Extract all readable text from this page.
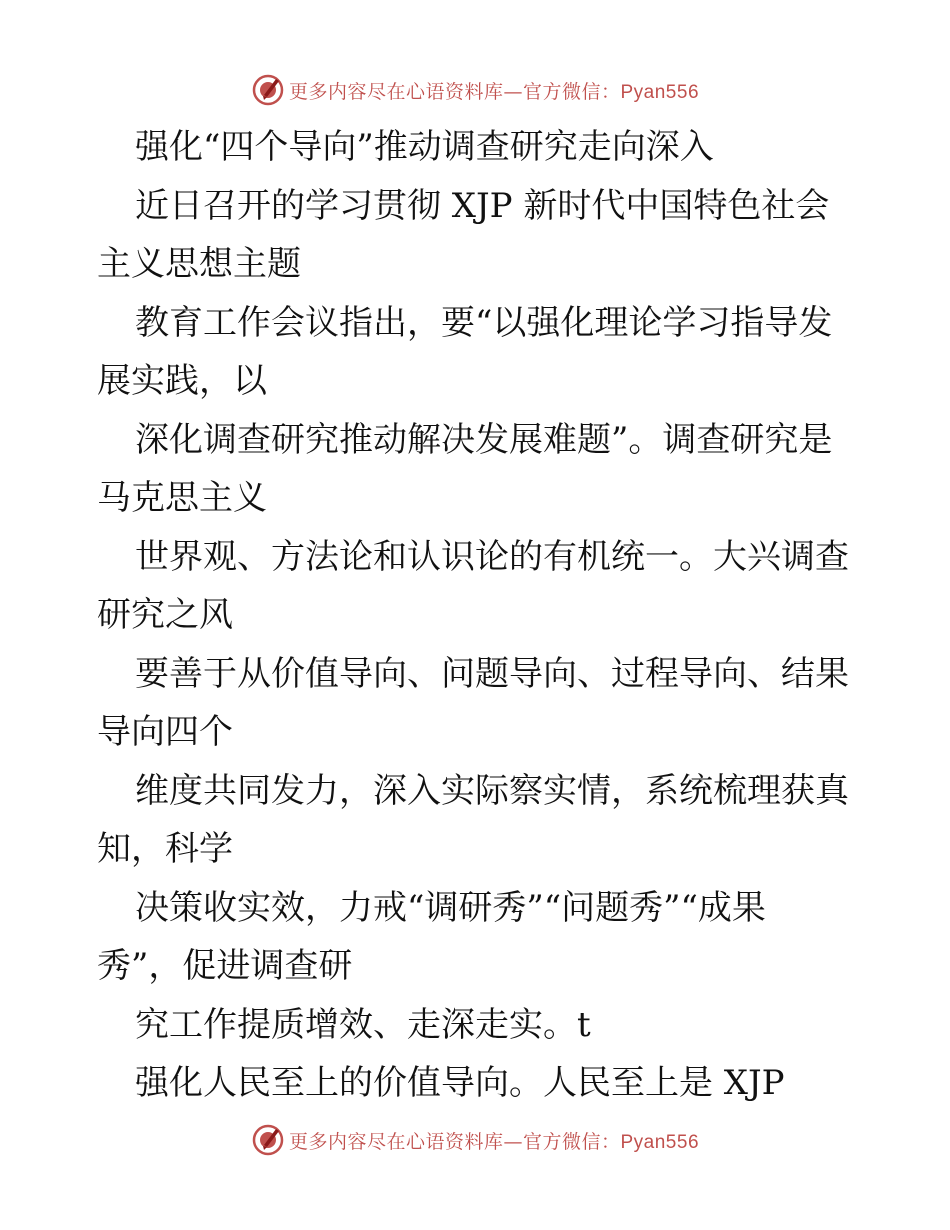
更多内容尽在心语资料库—官方微信：Pyan556
强化“四个导向”推动调查研究走向深入
近日召开的学习贯彻 XJP 新时代中国特色社会
主义思想主题
教育工作会议指出，要“以强化理论学习指导发
展实践，以
深化调查研究推动解决发展难题”。调查研究是
马克思主义
世界观、方法论和认识论的有机统一。大兴调查
研究之风
要善于从价值导向、问题导向、过程导向、结果
导向四个
维度共同发力，深入实际察实情，系统梳理获真
知，科学
决策收实效，力戒“调研秀”“问题秀”“成果
秀”，促进调查研
究工作提质增效、走深走实。t
强化人民至上的价值导向。人民至上是 XJP
更多内容尽在心语资料库—官方微信：Pyan556
